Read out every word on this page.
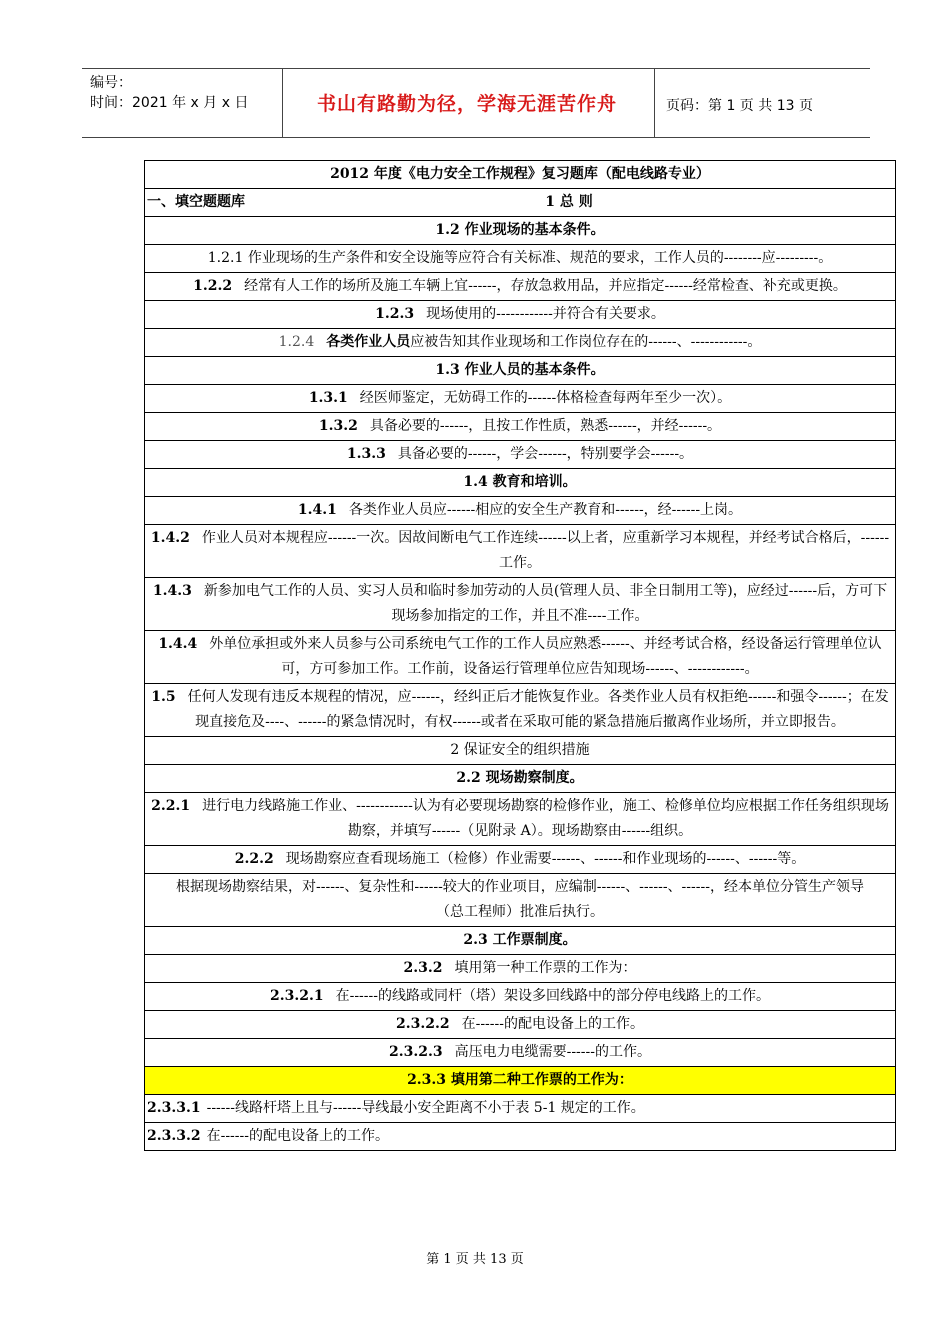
编号：
时间：2021 年 x 月 x 日	书山有路勤为径，学海无涯苦作舟	页码：第 1 页 共 13 页
2012 年度《电力安全工作规程》复习题库（配电线路专业）

一、填空题题库	1 总 则
1.2 作业现场的基本条件。
1.2.1 作业现场的生产条件和安全设施等应符合有关标准、规范的要求，工作人员的--------应---------。
1.2.2 经常有人工作的场所及施工车辆上宜------，存放急救用品，并应指定------经常检查、补充或更换。
1.2.3 现场使用的------------并符合有关要求。
1.2.4 各类作业人员应被告知其作业现场和工作岗位存在的------、------------。
1.3 作业人员的基本条件。
1.3.1 经医师鉴定，无妨碍工作的------体格检查每两年至少一次）。
1.3.2 具备必要的------，且按工作性质，熟悉------，并经------。
1.3.3 具备必要的------，学会------，特别要学会------。
1.4 教育和培训。
1.4.1 各类作业人员应------相应的安全生产教育和------，经------上岗。
1.4.2 作业人员对本规程应------一次。因故间断电气工作连续------以上者，应重新学习本规程，并经考试合格后，------工作。
1.4.3 新参加电气工作的人员、实习人员和临时参加劳动的人员(管理人员、非全日制用工等)，应经过------后，方可下现场参加指定的工作，并且不准----工作。
1.4.4 外单位承担或外来人员参与公司系统电气工作的工作人员应熟悉------、并经考试合格，经设备运行管理单位认可，方可参加工作。工作前，设备运行管理单位应告知现场------、------------。
1.5 任何人发现有违反本规程的情况，应------，经纠正后才能恢复作业。各类作业人员有权拒绝------和强令------；在发现直接危及----、------的紧急情况时，有权------或者在采取可能的紧急措施后撤离作业场所，并立即报告。
2 保证安全的组织措施
2.2 现场勘察制度。
2.2.1 进行电力线路施工作业、------------认为有必要现场勘察的检修作业，施工、检修单位均应根据工作任务组织现场勘察，并填写------（见附录 A）。现场勘察由------组织。
2.2.2 现场勘察应查看现场施工（检修）作业需要------、------和作业现场的------、------等。
根据现场勘察结果，对------、复杂性和------较大的作业项目，应编制------、------、------，经本单位分管生产领导（总工程师）批准后执行。
2.3 工作票制度。
2.3.2 填用第一种工作票的工作为：
2.3.2.1 在------的线路或同杆（塔）架设多回线路中的部分停电线路上的工作。
2.3.2.2 在------的配电设备上的工作。
2.3.2.3 高压电力电缆需要------的工作。
2.3.3 填用第二种工作票的工作为：
2.3.3.1 ------线路杆塔上且与------导线最小安全距离不小于表 5-1 规定的工作。
2.3.3.2 在------的配电设备上的工作。
第 1 页 共 13 页
